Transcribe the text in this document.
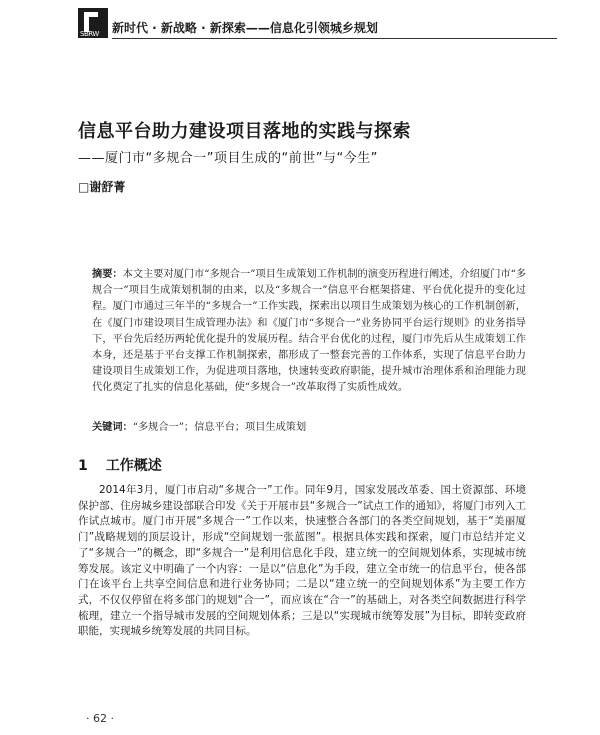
SBRW 新时代 · 新战略 · 新探索——信息化引领城乡规划
信息平台助力建设项目落地的实践与探索
——厦门市“多规合一”项目生成的“前世”与“今生”
□谢舒菁
摘要：本文主要对厦门市“多规合一”项目生成策划工作机制的演变历程进行阐述，介绍厦门市“多规合一”项目生成策划机制的由来，以及“多规合一”信息平台框架搭建、平台优化提升的变化过程。厦门市通过三年半的“多规合一”工作实践，探索出以项目生成策划为核心的工作机制创新，在《厦门市建设项目生成管理办法》和《厦门市“多规合一”业务协同平台运行规则》的业务指导下，平台先后经历两轮优化提升的发展历程。结合平台优化的过程，厦门市先后从生成策划工作本身，还是基于平台支撑工作机制探索，都形成了一整套完善的工作体系，实现了信息平台助力建设项目生成策划工作，为促进项目落地，快速转变政府职能，提升城市治理体系和治理能力现代化奠定了扎实的信息化基础，使“多规合一”改革取得了实质性成效。
关键词：“多规合一”；信息平台；项目生成策划
1 工作概述
2014年3月，厦门市启动“多规合一”工作。同年9月，国家发展改革委、国土资源部、环境保护部、住房城乡建设部联合印发《关于开展市县“多规合一”试点工作的通知》，将厦门市列入工作试点城市。厦门市开展“多规合一”工作以来，快速整合各部门的各类空间规划，基于“美丽厦门”战略规划的顶层设计，形成“空间规划一张蓝图”。根据具体实践和探索，厦门市总结并定义了“多规合一”的概念，即“多规合一”是利用信息化手段，建立统一的空间规划体系，实现城市统筹发展。该定义中明确了一个内容：一是以“信息化”为手段，建立全市统一的信息平台，使各部门在该平台上共享空间信息和进行业务协同；二是以“建立统一的空间规划体系”为主要工作方式，不仅仅停留在将多部门的规划“合一”，而应该在“合一”的基础上，对各类空间数据进行科学梳理，建立一个指导城市发展的空间规划体系；三是以“实现城市统筹发展”为目标，即转变政府职能，实现城乡统筹发展的共同目标。
· 62 ·
